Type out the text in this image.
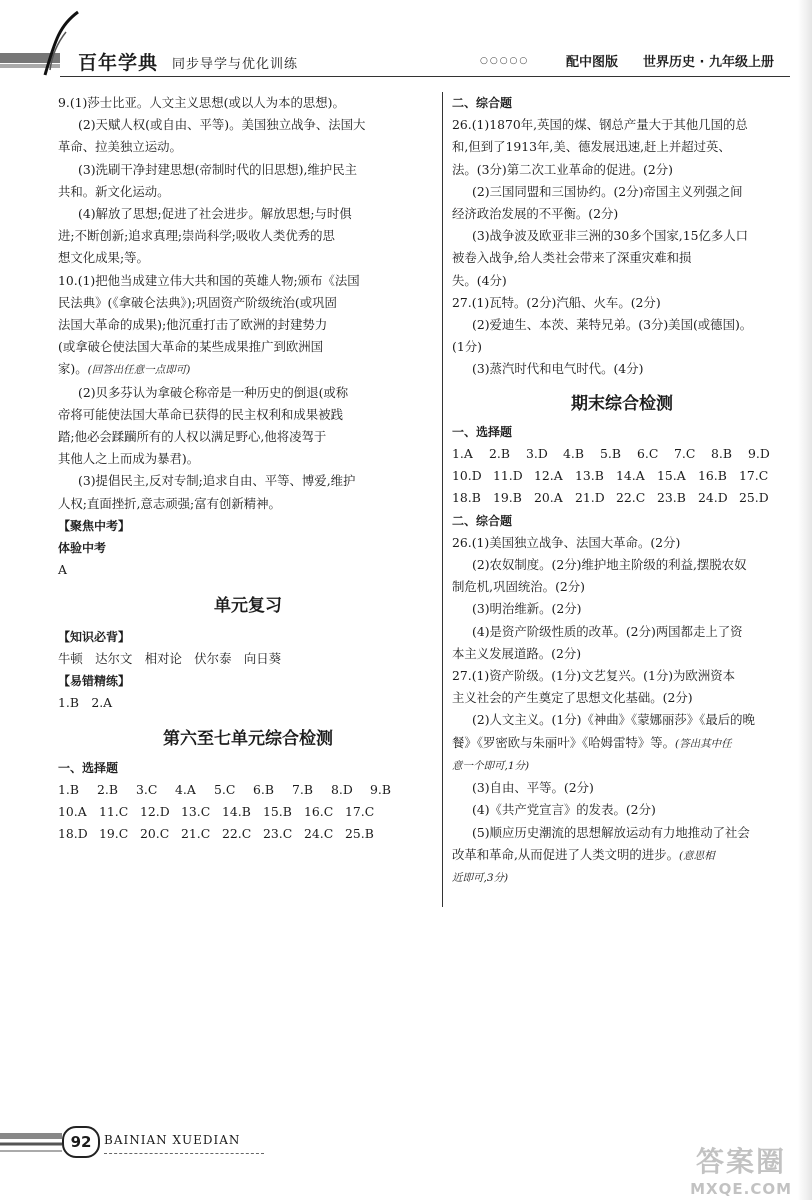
百年学典 同步导学与优化训练	○○○○○	配中图版 世界历史 · 九年级上册

9.(1)莎士比亚。人文主义思想(或以人为本的思想)。

(2)天赋人权(或自由、平等)。美国独立战争、法国大

革命、拉美独立运动。

(3)洗刷干净封建思想(帝制时代的旧思想),维护民主

共和。新文化运动。

(4)解放了思想;促进了社会进步。解放思想;与时俱

进;不断创新;追求真理;崇尚科学;吸收人类优秀的思

想文化成果;等。

10.(1)把他当成建立伟大共和国的英雄人物;颁布《法国

民法典》(《拿破仑法典》);巩固资产阶级统治(或巩固

法国大革命的成果);他沉重打击了欧洲的封建势力

(或拿破仑使法国大革命的某些成果推广到欧洲国

家)。(回答出任意一点即可)

(2)贝多芬认为拿破仑称帝是一种历史的倒退(或称

帝将可能使法国大革命已获得的民主权利和成果被践

踏;他必会蹂躏所有的人权以满足野心,他将凌驾于

其他人之上而成为暴君)。

(3)提倡民主,反对专制;追求自由、平等、博爱,维护

人权;直面挫折,意志顽强;富有创新精神。

【聚焦中考】

体验中考

A

单元复习

【知识必背】

牛顿　达尔文　相对论　伏尔泰　向日葵

【易错精练】

1.B　2.A

第六至七单元综合检测

一、选择题

1.B	2.B	3.C	4.A	5.C	6.B	7.B	8.D	9.B
10.A 11.C 12.D 13.C 14.B 15.B 16.C 17.C
18.D 19.C 20.C 21.C 22.C 23.C 24.C 25.B

二、综合题

26.(1)1870年,英国的煤、钢总产量大于其他几国的总

和,但到了1913年,美、德发展迅速,赶上并超过英、

法。(3分)第二次工业革命的促进。(2分)

(2)三国同盟和三国协约。(2分)帝国主义列强之间

经济政治发展的不平衡。(2分)

(3)战争波及欧亚非三洲的30多个国家,15亿多人口

被卷入战争,给人类社会带来了深重灾难和损

失。(4分)

27.(1)瓦特。(2分)汽船、火车。(2分)

(2)爱迪生、本茨、莱特兄弟。(3分)美国(或德国)。

(1分)

(3)蒸汽时代和电气时代。(4分)

期末综合检测

一、选择题

1.A	2.B	3.D	4.B	5.B	6.C	7.C	8.B	9.D
10.D 11.D 12.A 13.B 14.A 15.A 16.B 17.C
18.B 19.B 20.A 21.D 22.C 23.B 24.D 25.D

二、综合题

26.(1)美国独立战争、法国大革命。(2分)

(2)农奴制度。(2分)维护地主阶级的利益,摆脱农奴

制危机,巩固统治。(2分)

(3)明治维新。(2分)

(4)是资产阶级性质的改革。(2分)两国都走上了资

本主义发展道路。(2分)

27.(1)资产阶级。(1分)文艺复兴。(1分)为欧洲资本

主义社会的产生奠定了思想文化基础。(2分)

(2)人文主义。(1分)《神曲》《蒙娜丽莎》《最后的晚

餐》《罗密欧与朱丽叶》《哈姆雷特》等。(答出其中任

意一个即可,1分)

(3)自由、平等。(2分)

(4)《共产党宣言》的发表。(2分)

(5)顺应历史潮流的思想解放运动有力地推动了社会

改革和革命,从而促进了人类文明的进步。(意思相

近即可,3分)

92	BAINIAN XUEDIAN
答案圈
MXQE.COM
